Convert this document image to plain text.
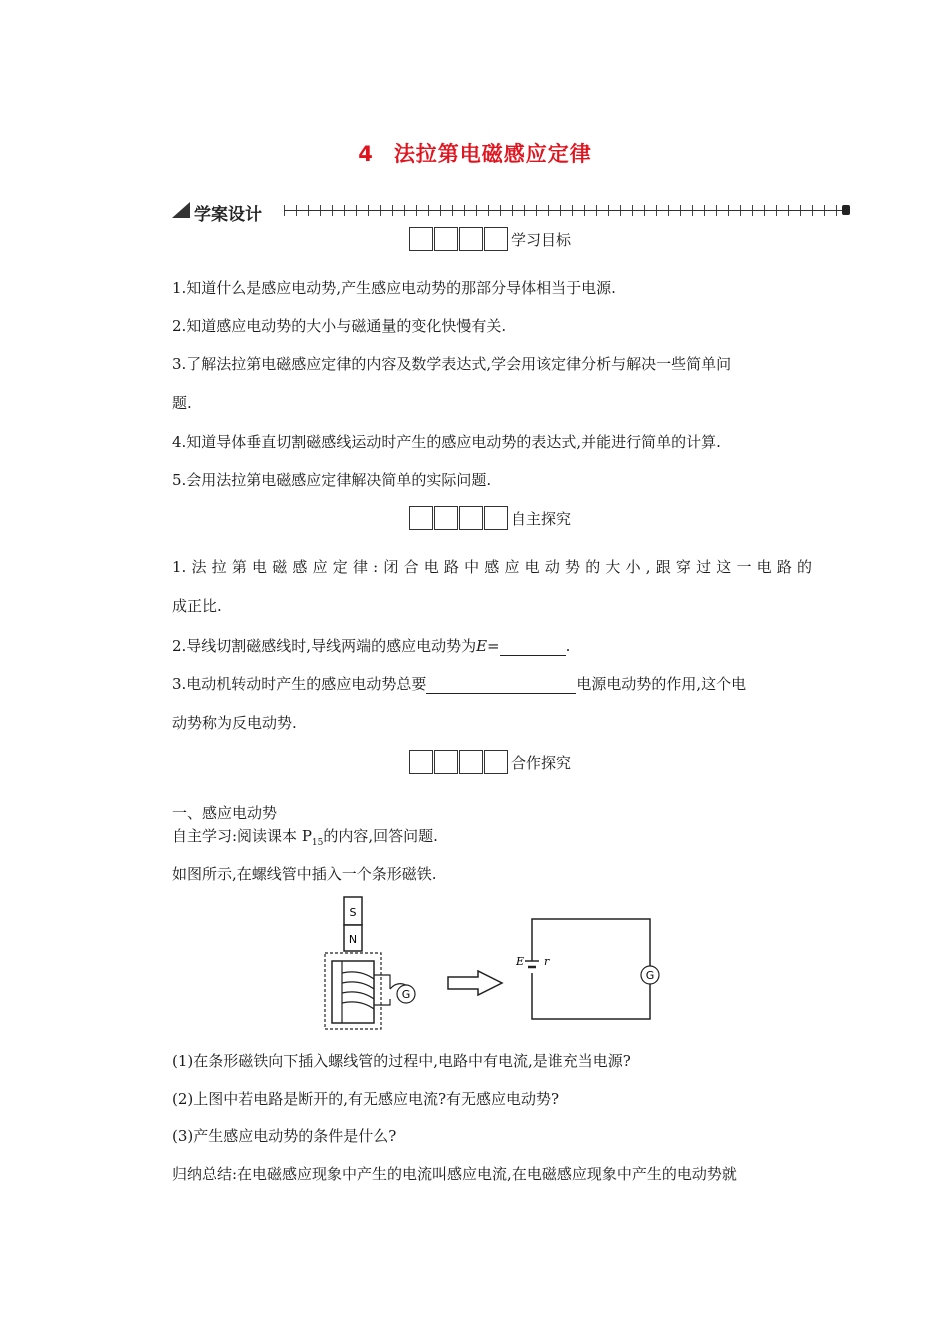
4 法拉第电磁感应定律
学案设计
学习目标
1.知道什么是感应电动势,产生感应电动势的那部分导体相当于电源.
2.知道感应电动势的大小与磁通量的变化快慢有关.
3.了解法拉第电磁感应定律的内容及数学表达式,学会用该定律分析与解决一些简单问
题.
4.知道导体垂直切割磁感线运动时产生的感应电动势的表达式,并能进行简单的计算.
5.会用法拉第电磁感应定律解决简单的实际问题.
自主探究
1.法拉第电磁感应定律:闭合电路中感应电动势的大小,跟穿过这一电路的
成正比.
2.导线切割磁感线时,导线两端的感应电动势为E=	.
3.电动机转动时产生的感应电动势总要	电源电动势的作用,这个电
动势称为反电动势.
合作探究
一、感应电动势
自主学习:阅读课本 $P_{15}$的内容,回答问题.
如图所示,在螺线管中插入一个条形磁铁.
S
N
G
E r
G
(1)在条形磁铁向下插入螺线管的过程中,电路中有电流,是谁充当电源?
(2)上图中若电路是断开的,有无感应电流?有无感应电动势?
(3)产生感应电动势的条件是什么?
归纳总结:在电磁感应现象中产生的电流叫感应电流,在电磁感应现象中产生的电动势就
